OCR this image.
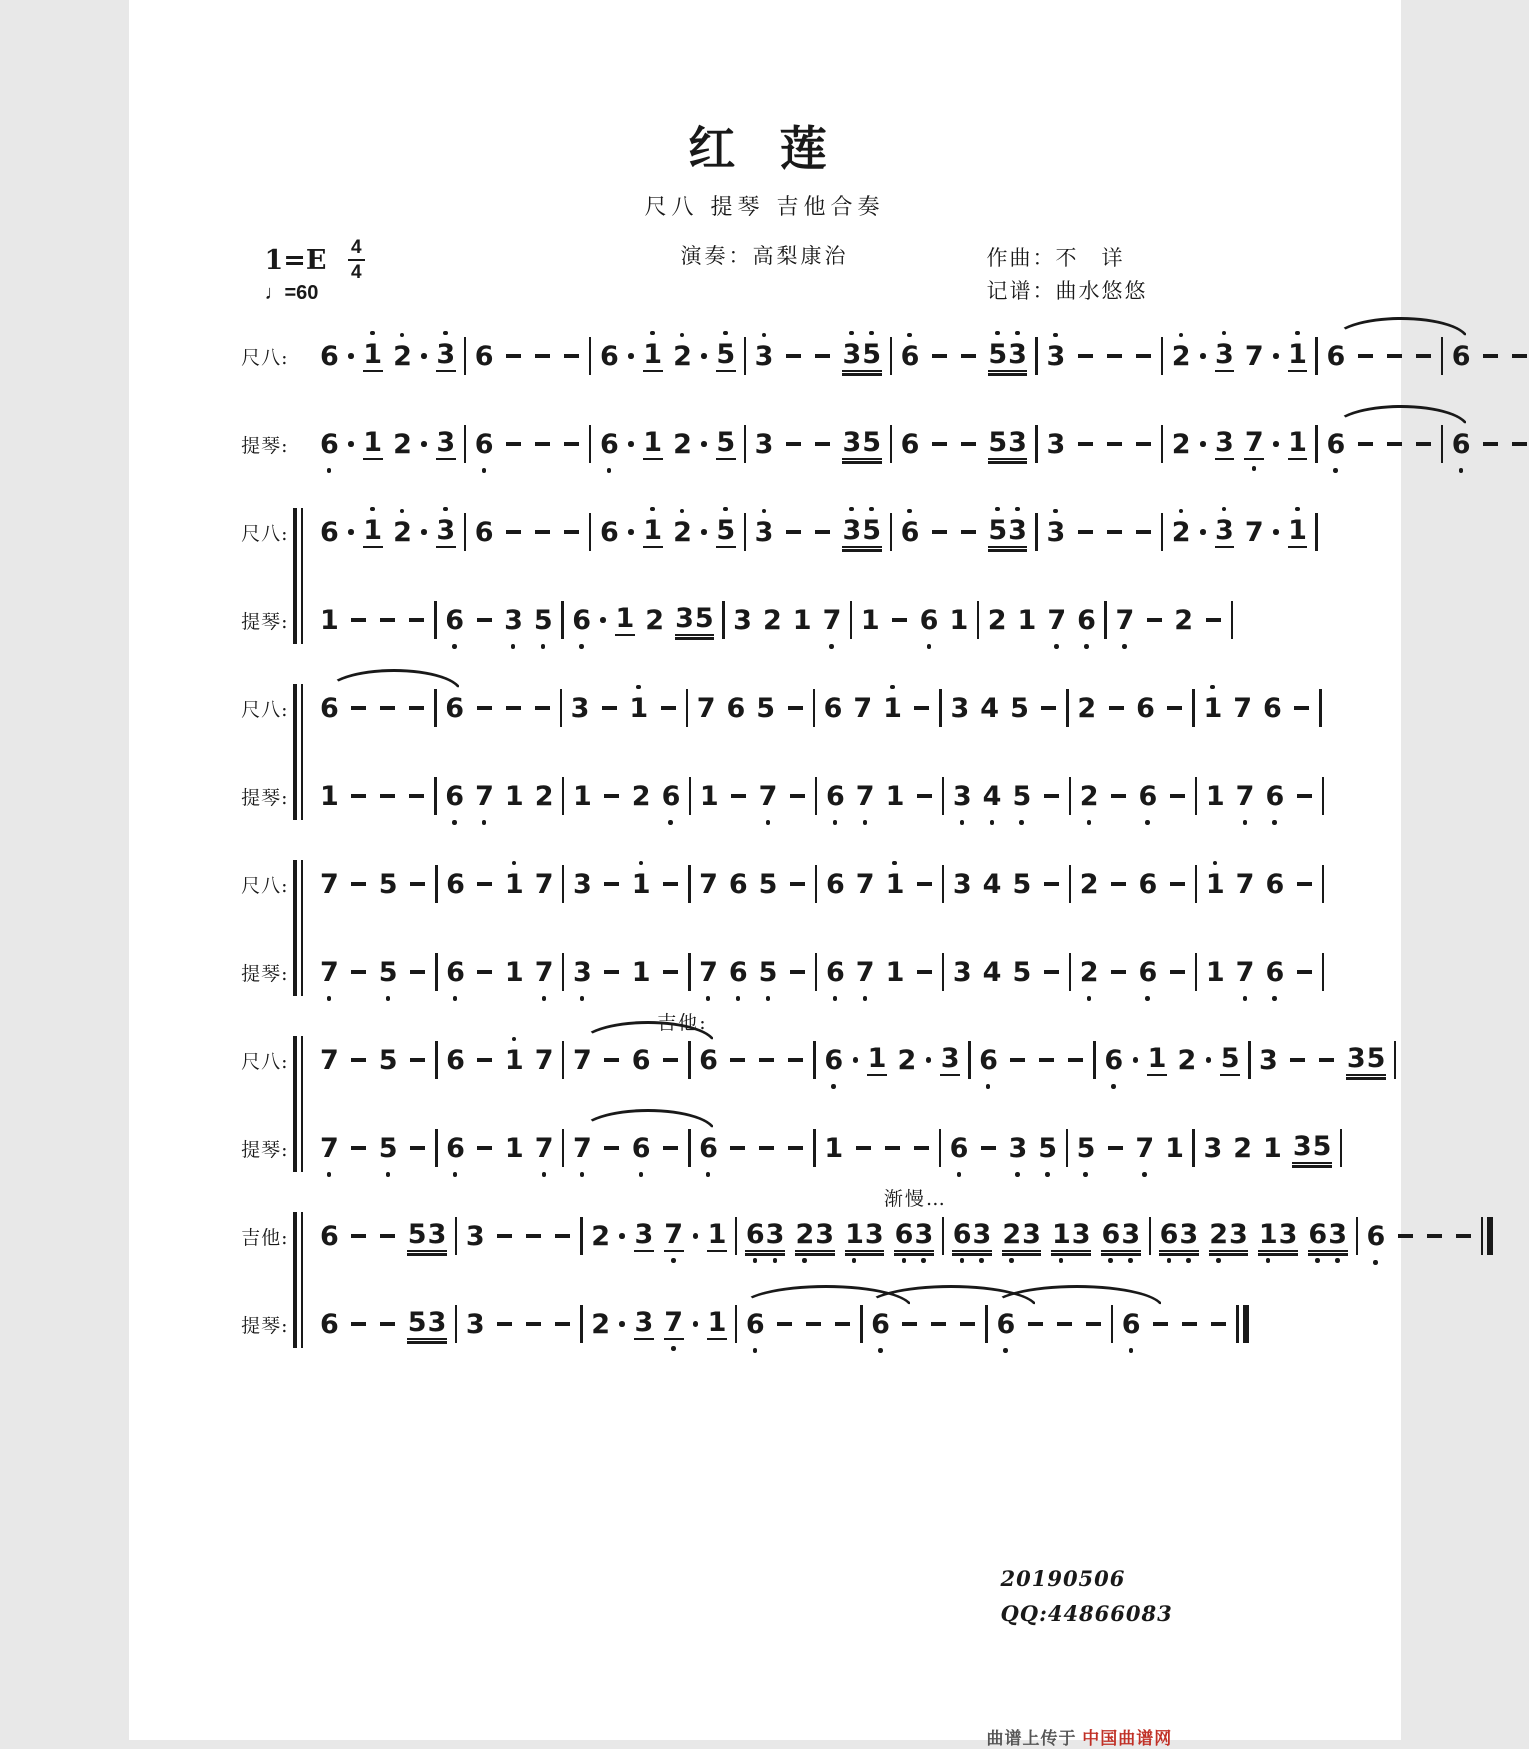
红 莲
尺八 提琴 吉他合奏
演奏：高梨康治
$1=E \frac{4}{4}$
♩=60
作曲：不　详
记谱：曲水悠悠
尺八: 6 1 2 3 6	6 1 2 5 3	3 5 6	5 3 3	2 3 7 1 6	6
提琴: 6 1 2 3 6	6 1 2 5 3	3 5 6	5 3 3	2 3 7 1 6	6
尺八: 6 1 2 3 6	6 1 2 5 3	3 5 6	5 3 3	2 3 7 1
提琴: 1	6 3 5 6 1 2 3 5 3 2 1 7 1 6 1 2 1 7 6 7 2
尺八: 6	6	3 1 7 6 5 6 7 1 3 4 5 2 6 1 7 6
提琴: 1	6 7 1 2 1 2 6 1 7 6 7 1 3 4 5 2 6 1 7 6
尺八: 7 5 6 1 7 3 1 7 6 5 6 7 1 3 4 5 2 6 1 7 6
提琴: 7 5 6 1 7 3 1 7 6 5 6 7 1 3 4 5 2 6 1 7 6
尺八:
吉他:
7 5 6 1 7 7 6 6	6 1 2 3 6	6 1 2 5 3	3 5
提琴: 7 5 6 1 7 7 6 6	1	6 3 5 5 7 1 3 2 1 3 5
吉他:
渐慢…
6	5 3 3	2 3 7 1 6 3 2 3 1 3 6 3 6 3 2 3 1 3 6 3 6 3 2 3 1 3 6 3 6
提琴: 6	5 3 3	2 3 7 1 6	6	6	6
20190506
QQ:44866083
曲谱上传于 中国曲谱网
